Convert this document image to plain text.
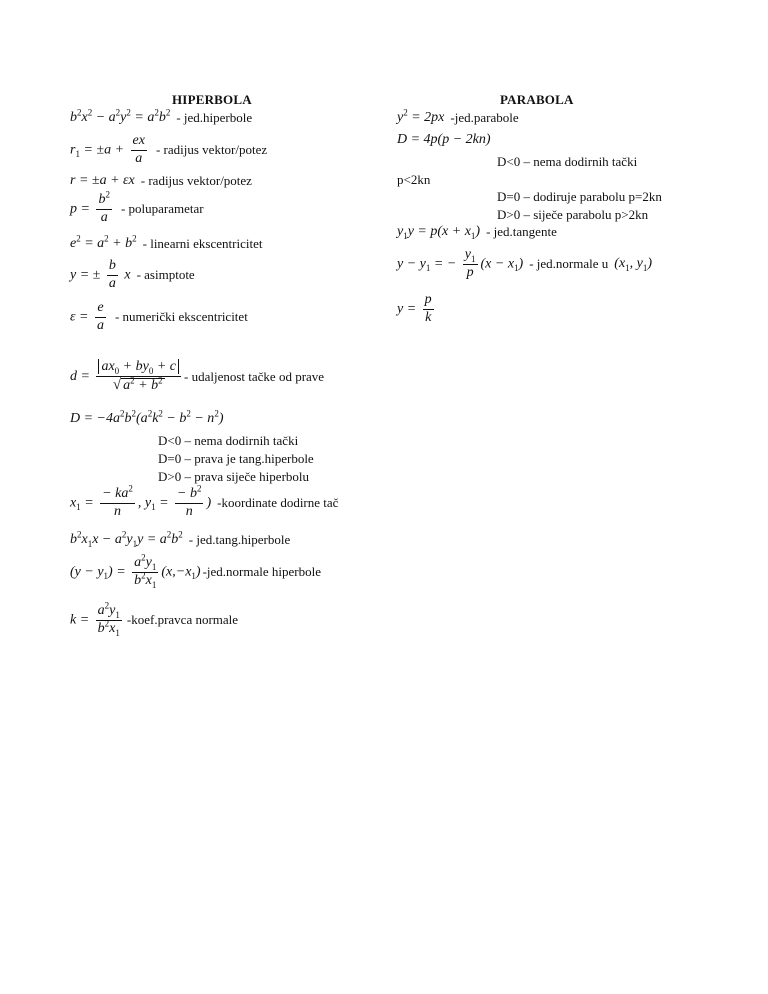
HIPERBOLA
$b^2x^2 - a^2y^2 = a^2b^2$ - jed.hiperbole
$r_1 = \pm a + \frac{ex}{a}$ - radijus vektor/potez
r = ±a + εx - radijus vektor/potez
$p = \frac{b^2}{a}$ - poluparametar
$e^2 = a^2 + b^2$ - linearni ekscentricitet
y = ± $\frac{b}{a}$ x - asimptote
$\varepsilon = \frac{e}{a}$ - numerički ekscentricitet
$d = \frac{ax_0 + by_0 + c}{√ a^2 + b^2}$ - udaljenost tačke od prave
$D = -4a^2b^2(a^2k^2 - b^2 - n^2)$
D<0 – nema dodirnih tački
D=0 – prava je tang.hiperbole
D>0 – prava siječe hiperbolu
$x_1 = \frac{- ka^2}{n}$ , $y_1 = \frac{- b^2}{n}$ ) -koordinate dodirne tač
$b^2x_1x - a^2y_1y = a^2b^2$ - jed.tang.hiperbole
$(y - y_1) = \frac{a^2y_1}{b^2x_1} (x,-x_1)$ -jed.normale hiperbole
$k = \frac{a^2y_1}{b^2x_1}$ -koef.pravca normale
PARABOLA
$y^2 = 2px$ -jed.parabole
D = 4p(p − 2kn)
D<0 – nema dodirnih tački
p<2kn
D=0 – dodiruje parabolu p=2kn
D>0 – siječe parabolu p>2kn
$y_1y = p(x + x_1)$ - jed.tangente
$y - y_1$ = − $\frac{y_1}{p} (x - x_1)$ - jed.normale u ($x_1$, $y_1$)
$y = \frac{p}{k}$
